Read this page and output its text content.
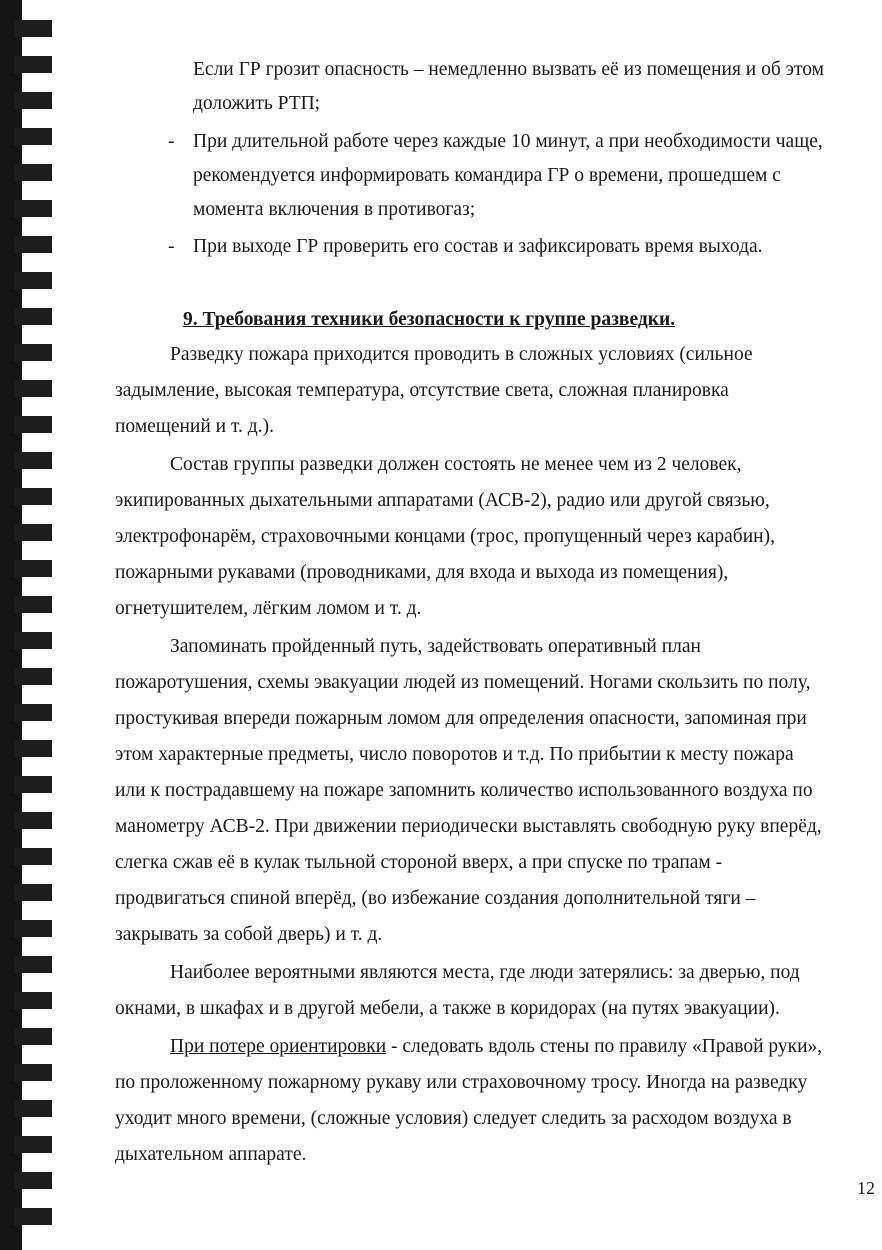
Если ГР грозит опасность – немедленно вызвать её из помещения и об этом
доложить РТП;
- При длительной работе через каждые 10 минут, а при необходимости чаще,
рекомендуется информировать командира ГР о времени, прошедшем с
момента включения в противогаз;
- При выходе ГР проверить его состав и зафиксировать время выхода.
9. Требования техники безопасности к группе разведки.
Разведку пожара приходится проводить в сложных условиях (сильное
задымление, высокая температура, отсутствие света, сложная планировка
помещений и т. д.).
Состав группы разведки должен состоять не менее чем из 2 человек,
экипированных дыхательными аппаратами (АСВ-2), радио или другой связью,
электрофонарём, страховочными концами (трос, пропущенный через карабин),
пожарными рукавами (проводниками, для входа и выхода из помещения),
огнетушителем, лёгким ломом и т. д.
Запоминать пройденный путь, задействовать оперативный план
пожаротушения, схемы эвакуации людей из помещений. Ногами скользить по полу,
простукивая впереди пожарным ломом для определения опасности, запоминая при
этом характерные предметы, число поворотов и т.д. По прибытии к месту пожара
или к пострадавшему на пожаре запомнить количество использованного воздуха по
манометру АСВ-2. При движении периодически выставлять свободную руку вперёд,
слегка сжав её в кулак тыльной стороной вверх, а при спуске по трапам -
продвигаться спиной вперёд, (во избежание создания дополнительной тяги –
закрывать за собой дверь) и т. д.
Наиболее вероятными являются места, где люди затерялись: за дверью, под
окнами, в шкафах и в другой мебели, а также в коридорах (на путях эвакуации).
При потере ориентировки - следовать вдоль стены по правилу «Правой руки»,
по проложенному пожарному рукаву или страховочному тросу. Иногда на разведку
уходит много времени, (сложные условия) следует следить за расходом воздуха в
дыхательном аппарате.
12
